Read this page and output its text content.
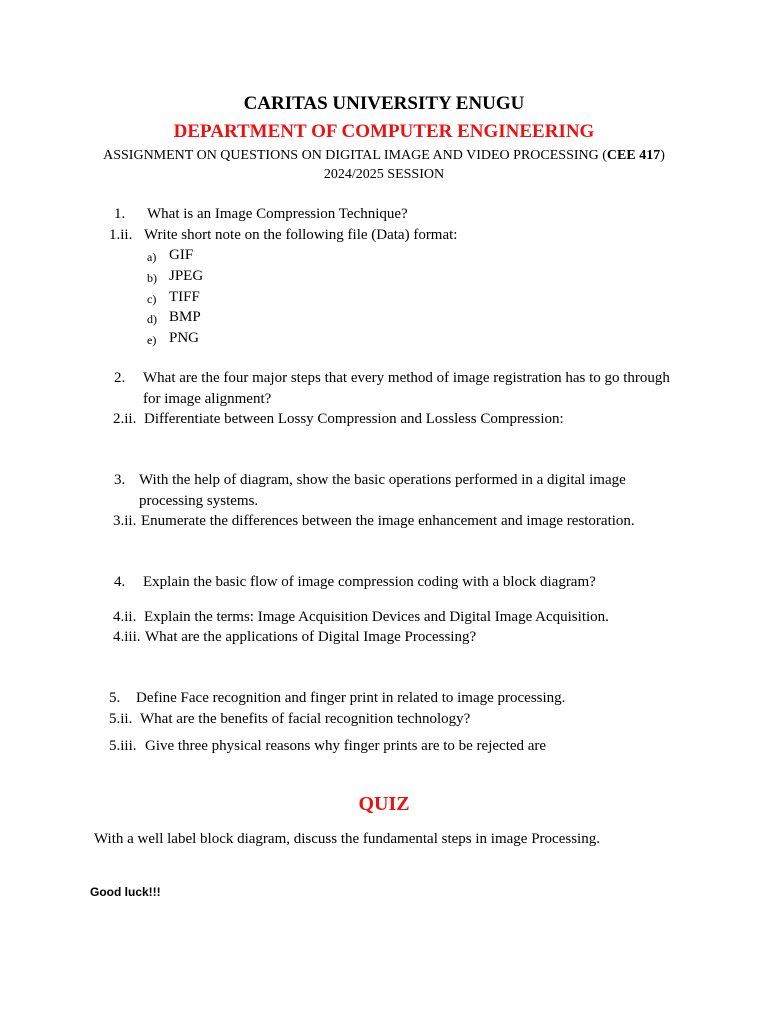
CARITAS UNIVERSITY ENUGU
DEPARTMENT OF COMPUTER ENGINEERING
ASSIGNMENT ON QUESTIONS ON DIGITAL IMAGE AND VIDEO PROCESSING (CEE 417)
2024/2025 SESSION
1. What is an Image Compression Technique?
1.ii. Write short note on the following file (Data) format:
a) GIF
b) JPEG
c) TIFF
d) BMP
e) PNG
2. What are the four major steps that every method of image registration has to go through
for image alignment?
2.ii. Differentiate between Lossy Compression and Lossless Compression:
3. With the help of diagram, show the basic operations performed in a digital image
processing systems.
3.ii. Enumerate the differences between the image enhancement and image restoration.
4. Explain the basic flow of image compression coding with a block diagram?
4.ii. Explain the terms: Image Acquisition Devices and Digital Image Acquisition.
4.iii. What are the applications of Digital Image Processing?
5. Define Face recognition and finger print in related to image processing.
5.ii. What are the benefits of facial recognition technology?
5.iii. Give three physical reasons why finger prints are to be rejected are
QUIZ
With a well label block diagram, discuss the fundamental steps in image Processing.
Good luck!!!
